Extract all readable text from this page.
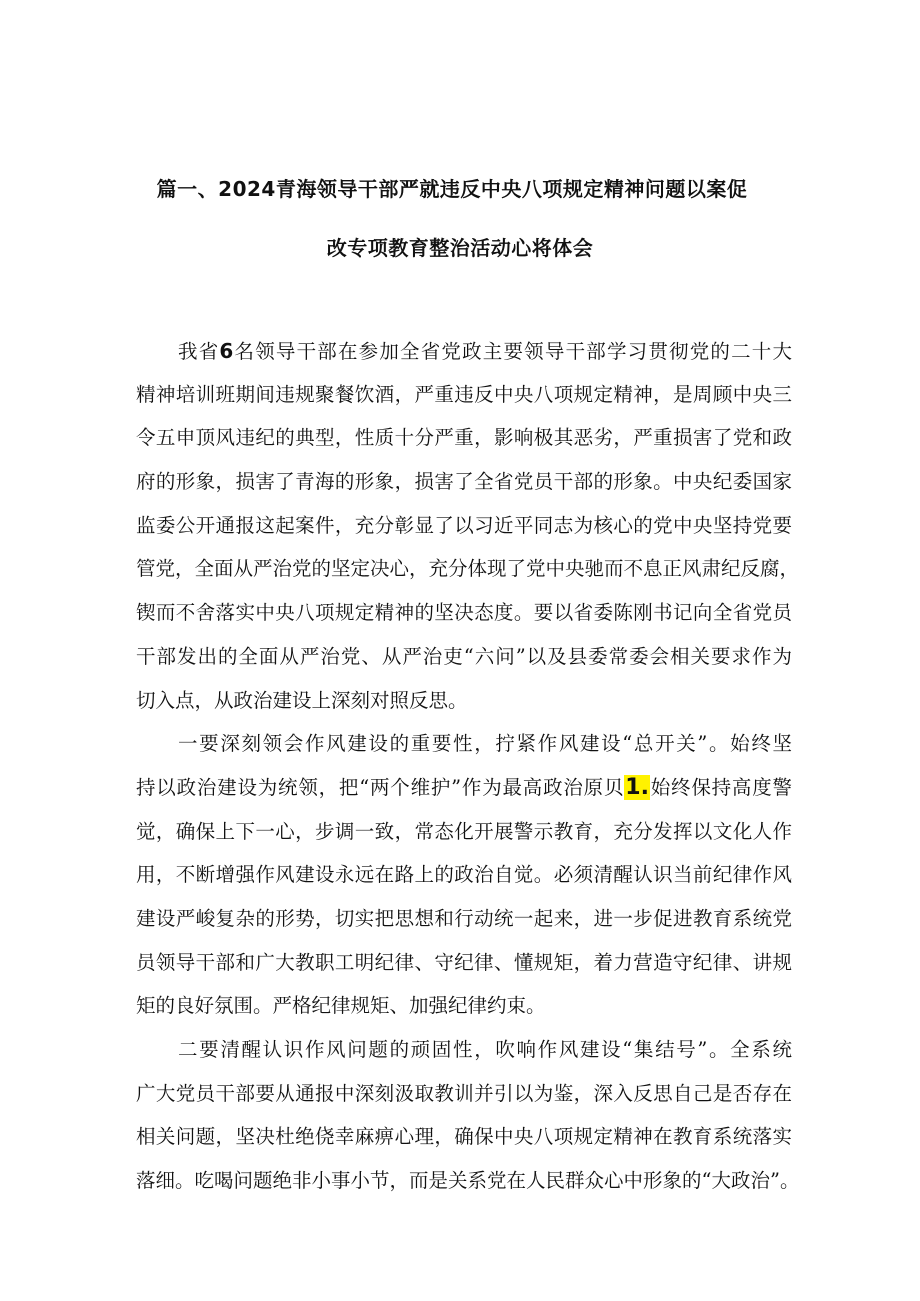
篇一、2024青海领导干部严就违反中央八项规定精神问题以案促
改专项教育整治活动心将体会
我省6名领导干部在参加全省党政主要领导干部学习贯彻党的二十大
精神培训班期间违规聚餐饮酒，严重违反中央八项规定精神，是周顾中央三
令五申顶风违纪的典型，性质十分严重，影响极其恶劣，严重损害了党和政
府的形象，损害了青海的形象，损害了全省党员干部的形象。中央纪委国家
监委公开通报这起案件，充分彰显了以习近平同志为核心的党中央坚持党要
管党，全面从严治党的坚定决心，充分体现了党中央驰而不息正风肃纪反腐，
锲而不舍落实中央八项规定精神的坚决态度。要以省委陈刚书记向全省党员
干部发出的全面从严治党、从严治吏“六问”以及县委常委会相关要求作为
切入点，从政治建设上深刻对照反思。
一要深刻领会作风建设的重要性，拧紧作风建设“总开关”。始终坚
持以政治建设为统领，把“两个维护”作为最高政治原贝1.始终保持高度警
觉，确保上下一心，步调一致，常态化开展警示教育，充分发挥以文化人作
用，不断增强作风建设永远在路上的政治自觉。必须清醒认识当前纪律作风
建设严峻复杂的形势，切实把思想和行动统一起来，进一步促进教育系统党
员领导干部和广大教职工明纪律、守纪律、懂规矩，着力营造守纪律、讲规
矩的良好氛围。严格纪律规矩、加强纪律约束。
二要清醒认识作风问题的顽固性，吹响作风建设“集结号”。全系统
广大党员干部要从通报中深刻汲取教训并引以为鉴，深入反思自己是否存在
相关问题，坚决杜绝侥幸麻痹心理，确保中央八项规定精神在教育系统落实
落细。吃喝问题绝非小事小节，而是关系党在人民群众心中形象的“大政治”。
